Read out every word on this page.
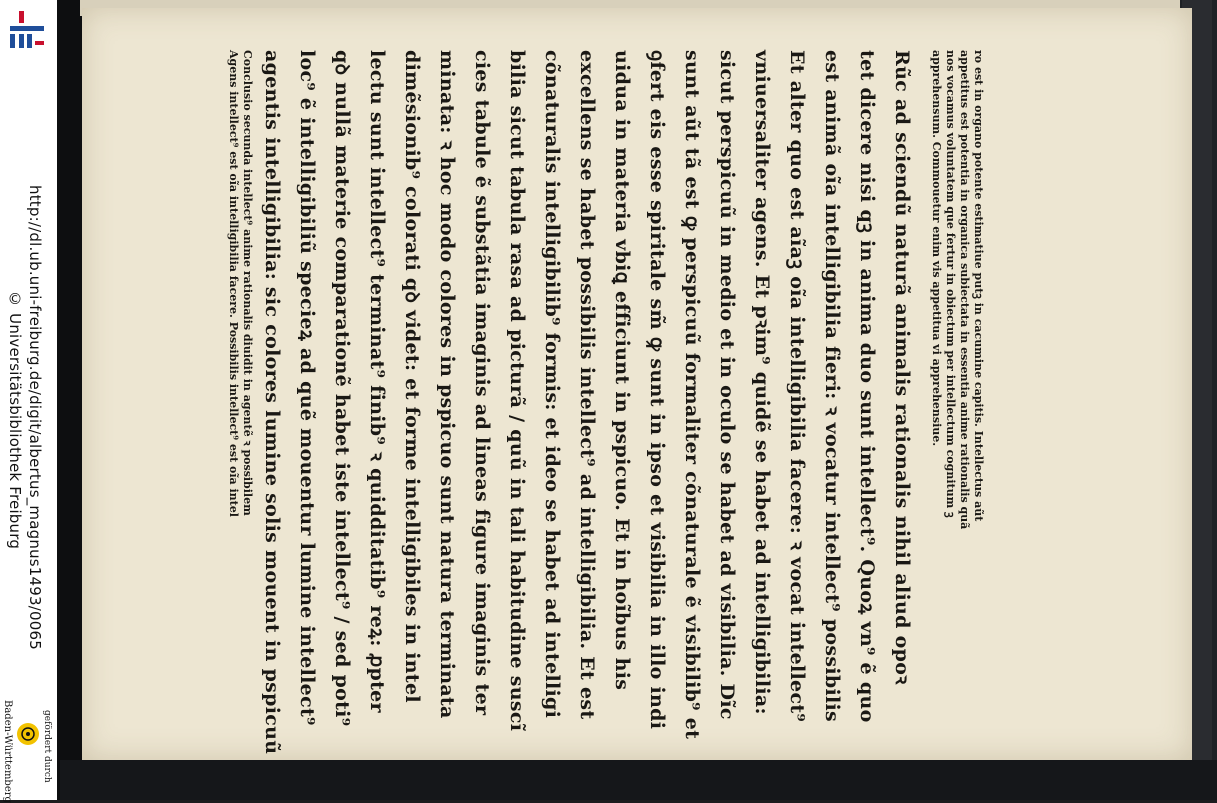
http://dl.ub.uni-freiburg.de/digit/albertus_magnus1493/0065
© Universitätsbibliothek Freiburg
gefördert durch
Baden-Württemberg
ro est in organo potente estimatiue putꝫ in cacumine capitis. Intellectus aũt
appetitus est potentia in organica subiectata in essentia anime rationalis quã
nos vocamus voluntatem que fertur in obiectum per intellectum cognitum ꝫ
apprehensum. Commouetur enim vis appetitua vi apprehensiue.
Rũc ad sciendũ naturã animalis rationalis nihil aliud opoꝛ
tet dicere nisi qꝫ in anima duo sunt intellect⁹. Quoꝝ vn⁹ ẽ quo
est animã oĩa intelligibilia fieri: ꝛ vocatur intellect⁹ possibilis
Et alter quo est aĩaꝫ oĩa intelligibilia facere: ꝛ vocat intellect⁹
vniuersaliter agens. Et pꝛim⁹ quidẽ se habet ad intelligibilia:
sicut perspicuũ in medio et in oculo se habet ad visibilia. Dĩc
sunt aũt tã est ꝙ perspicuũ formaliter cõnaturale ẽ visibilib⁹ et
ꝯfert eis esse spiritale sm̃ ꝙ sunt in ipso et visibilia in illo indi
uidua in materia vbiꝗ efficiunt in pspicuo. Et in hoĩbus his
excellens se habet possibilis intellect⁹ ad intelligibilia. Et est
cõnaturalis intelligibilib⁹ formis: et ideo se habet ad intelligi
bilia sicut tabula rasa ad picturã / quũ in tali habitudine suscĩ
cies tabule ẽ substãtia imaginis ad lineas figure imaginis ter
minata: ꝛ hoc modo colores in pspicuo sunt natura terminata
dimẽsionib⁹ colorati qꝺ videt: et forme intelligibiles in intel
lectu sunt intellect⁹ terminat⁹ finib⁹ ꝛ quidditatib⁹ reꝝ: ꝓpter
qꝺ nullã materie comparationẽ habet iste intellect⁹ / sed poti⁹
loc⁹ ẽ intelligibiliũ specieꝝ ad quẽ mouentur lumine intellect⁹
agentis intelligibilia: sic colores lumine solis mouent in pspicuũ
Conclusio secunda intellect⁹ anime rationalis diuidit in agentẽ ꝛ possibilem
Agens intellect⁹ est oĩa intelligibilia facere. Possibilis intellect⁹ est oĩa intel
